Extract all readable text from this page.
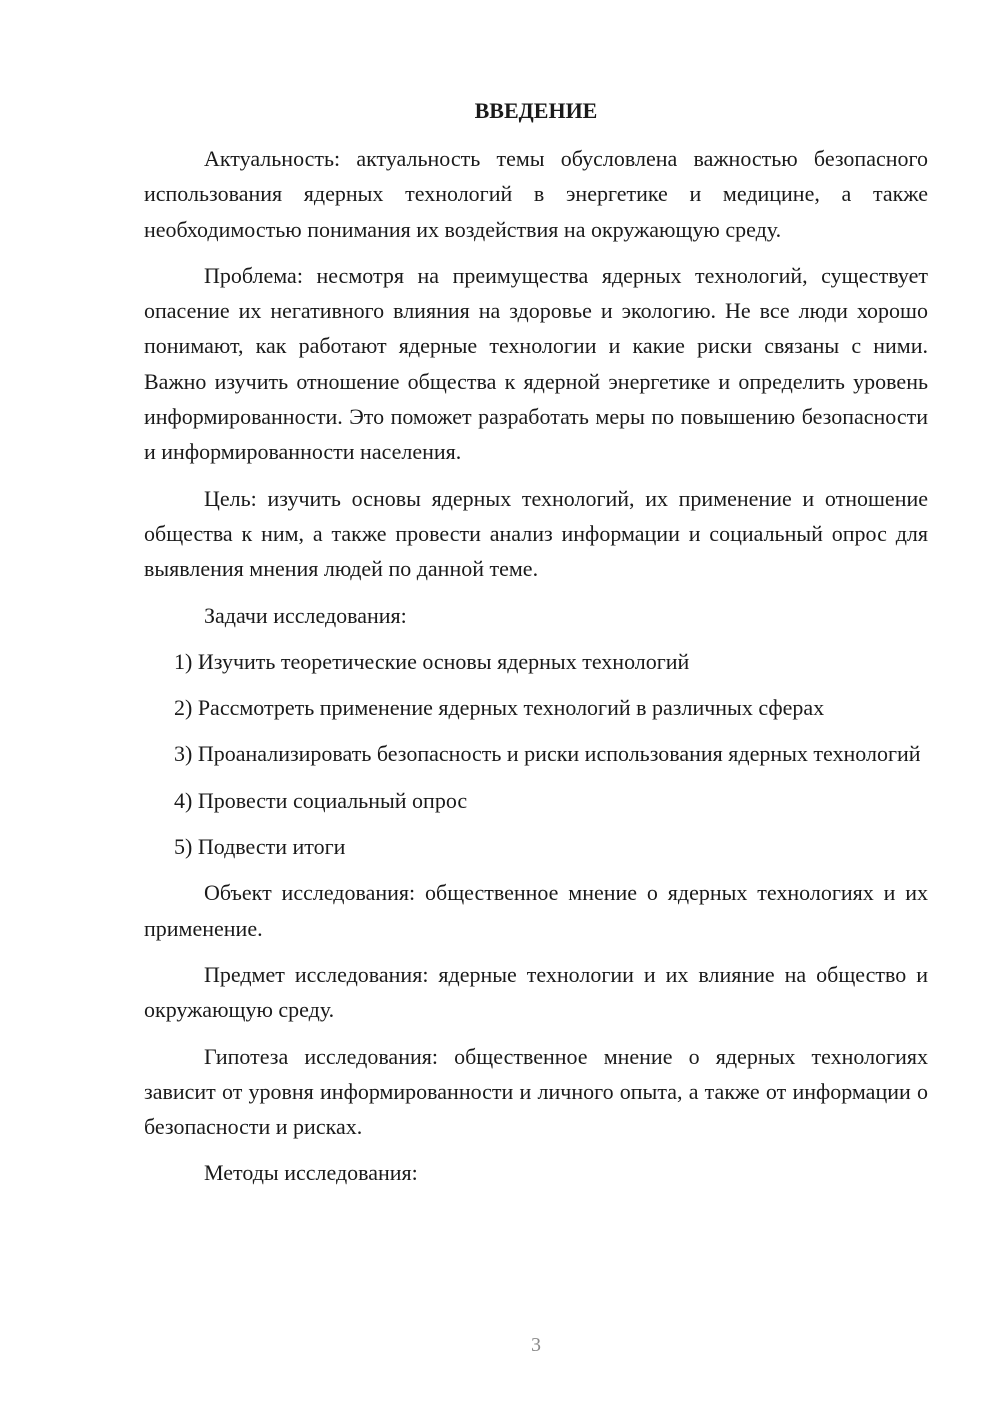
ВВЕДЕНИЕ

Актуальность: актуальность темы обусловлена важностью безопасного использования ядерных технологий в энергетике и медицине, а также необходимостью понимания их воздействия на окружающую среду.

Проблема: несмотря на преимущества ядерных технологий, существует опасение их негативного влияния на здоровье и экологию. Не все люди хорошо понимают, как работают ядерные технологии и какие риски связаны с ними. Важно изучить отношение общества к ядерной энергетике и определить уровень информированности. Это поможет разработать меры по повышению безопасности и информированности населения.

Цель: изучить основы ядерных технологий, их применение и отношение общества к ним, а также провести анализ информации и социальный опрос для выявления мнения людей по данной теме.

Задачи исследования:

1) Изучить теоретические основы ядерных технологий

2) Рассмотреть применение ядерных технологий в различных сферах

3) Проанализировать безопасность и риски использования ядерных технологий

4) Провести социальный опрос

5) Подвести итоги

Объект исследования: общественное мнение о ядерных технологиях и их применение.

Предмет исследования: ядерные технологии и их влияние на общество и окружающую среду.

Гипотеза исследования: общественное мнение о ядерных технологиях зависит от уровня информированности и личного опыта, а также от информации о безопасности и рисках.

Методы исследования:

3
